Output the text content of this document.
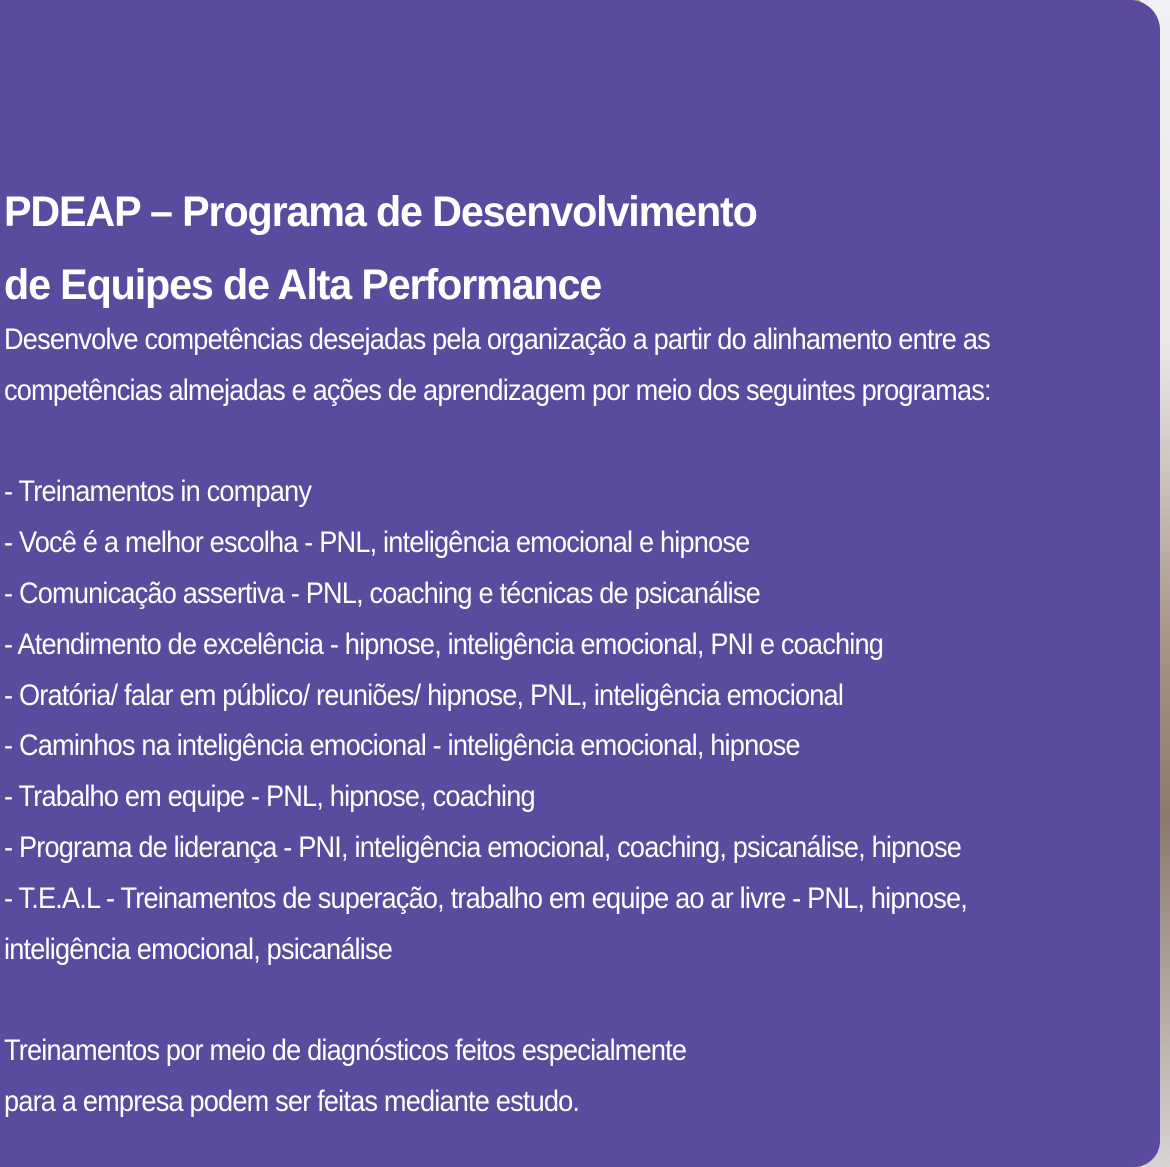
PDEAP – Programa de Desenvolvimento
de Equipes de Alta Performance
Desenvolve competências desejadas pela organização a partir do alinhamento entre as
competências almejadas e ações de aprendizagem por meio dos seguintes programas:
- Treinamentos in company
- Você é a melhor escolha - PNL, inteligência emocional e hipnose
- Comunicação assertiva - PNL, coaching e técnicas de psicanálise
- Atendimento de excelência - hipnose, inteligência emocional, PNI e coaching
- Oratória/ falar em público/ reuniões/ hipnose, PNL, inteligência emocional
- Caminhos na inteligência emocional - inteligência emocional, hipnose
- Trabalho em equipe - PNL, hipnose, coaching
- Programa de liderança - PNI, inteligência emocional, coaching, psicanálise, hipnose
- T.E.A.L - Treinamentos de superação, trabalho em equipe ao ar livre - PNL, hipnose,
inteligência emocional, psicanálise
Treinamentos por meio de diagnósticos feitos especialmente
para a empresa podem ser feitas mediante estudo.
